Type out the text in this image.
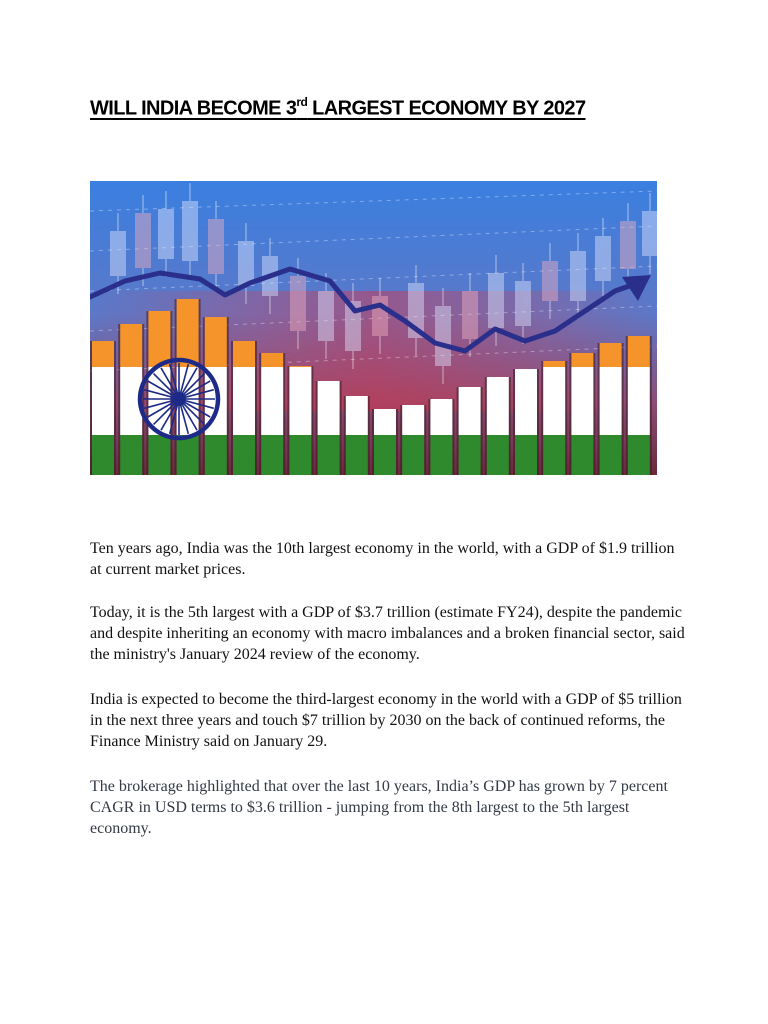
WILL INDIA BECOME 3rd LARGEST ECONOMY BY 2027

Ten years ago, India was the 10th largest economy in the world, with a GDP of $1.9 trillion at current market prices.

Today, it is the 5th largest with a GDP of $3.7 trillion (estimate FY24), despite the pandemic and despite inheriting an economy with macro imbalances and a broken financial sector, said the ministry's January 2024 review of the economy.

India is expected to become the third-largest economy in the world with a GDP of $5 trillion in the next three years and touch $7 trillion by 2030 on the back of continued reforms, the Finance Ministry said on January 29.

The brokerage highlighted that over the last 10 years, India’s GDP has grown by 7 percent CAGR in USD terms to $3.6 trillion - jumping from the 8th largest to the 5th largest economy.
